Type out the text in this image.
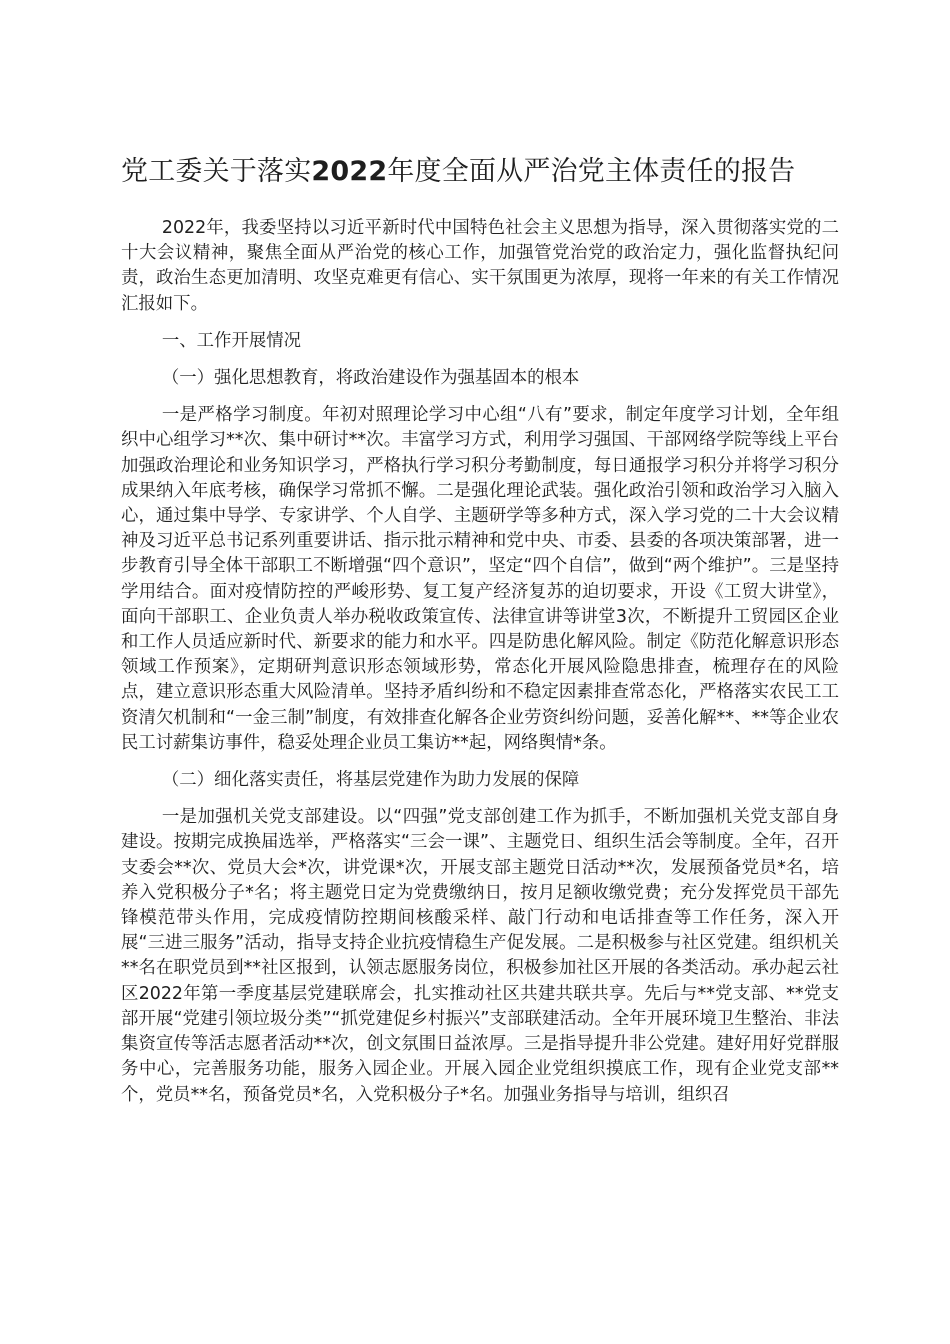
党工委关于落实2022年度全面从严治党主体责任的报告

2022年，我委坚持以习近平新时代中国特色社会主义思想为指导，深入贯彻落实党的二十大会议精神，聚焦全面从严治党的核心工作，加强管党治党的政治定力，强化监督执纪问责，政治生态更加清明、攻坚克难更有信心、实干氛围更为浓厚，现将一年来的有关工作情况汇报如下。

一、工作开展情况

（一）强化思想教育，将政治建设作为强基固本的根本

一是严格学习制度。年初对照理论学习中心组“八有”要求，制定年度学习计划，全年组织中心组学习**次、集中研讨**次。丰富学习方式，利用学习强国、干部网络学院等线上平台加强政治理论和业务知识学习，严格执行学习积分考勤制度，每日通报学习积分并将学习积分成果纳入年底考核，确保学习常抓不懈。二是强化理论武装。强化政治引领和政治学习入脑入心，通过集中导学、专家讲学、个人自学、主题研学等多种方式，深入学习党的二十大会议精神及习近平总书记系列重要讲话、指示批示精神和党中央、市委、县委的各项决策部署，进一步教育引导全体干部职工不断增强“四个意识”，坚定“四个自信”，做到“两个维护”。三是坚持学用结合。面对疫情防控的严峻形势、复工复产经济复苏的迫切要求，开设《工贸大讲堂》，面向干部职工、企业负责人举办税收政策宣传、法律宣讲等讲堂3次，不断提升工贸园区企业和工作人员适应新时代、新要求的能力和水平。四是防患化解风险。制定《防范化解意识形态领域工作预案》，定期研判意识形态领域形势，常态化开展风险隐患排查，梳理存在的风险点，建立意识形态重大风险清单。坚持矛盾纠纷和不稳定因素排查常态化，严格落实农民工工资清欠机制和“一金三制”制度，有效排查化解各企业劳资纠纷问题，妥善化解**、**等企业农民工讨薪集访事件，稳妥处理企业员工集访**起，网络舆情*条。

（二）细化落实责任，将基层党建作为助力发展的保障

一是加强机关党支部建设。以“四强”党支部创建工作为抓手，不断加强机关党支部自身建设。按期完成换届选举，严格落实“三会一课”、主题党日、组织生活会等制度。全年，召开支委会**次、党员大会*次，讲党课*次，开展支部主题党日活动**次，发展预备党员*名，培养入党积极分子*名；将主题党日定为党费缴纳日，按月足额收缴党费；充分发挥党员干部先锋模范带头作用，完成疫情防控期间核酸采样、敲门行动和电话排查等工作任务，深入开展“三进三服务”活动，指导支持企业抗疫情稳生产促发展。二是积极参与社区党建。组织机关**名在职党员到**社区报到，认领志愿服务岗位，积极参加社区开展的各类活动。承办起云社区2022年第一季度基层党建联席会，扎实推动社区共建共联共享。先后与**党支部、**党支部开展“党建引领垃圾分类”“抓党建促乡村振兴”支部联建活动。全年开展环境卫生整治、非法集资宣传等活志愿者活动**次，创文氛围日益浓厚。三是指导提升非公党建。建好用好党群服务中心，完善服务功能，服务入园企业。开展入园企业党组织摸底工作，现有企业党支部**个，党员**名，预备党员*名，入党积极分子*名。加强业务指导与培训，组织召
